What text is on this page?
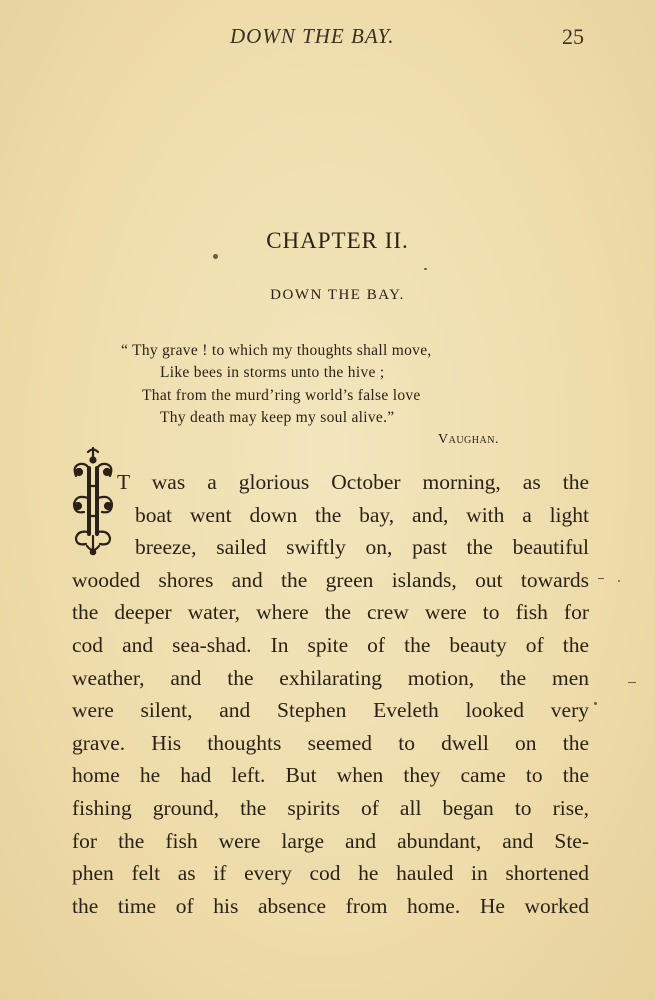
DOWN THE BAY.	25
CHAPTER II.
DOWN THE BAY.
“ Thy grave ! to which my thoughts shall move,
Like bees in storms unto the hive ;
That from the murd’ring world’s false love
Thy death may keep my soul alive.”
Vaughan.
T was a glorious October morning, as the
boat went down the bay, and, with a light
breeze, sailed swiftly on, past the beautiful
wooded shores and the green islands, out towards
the deeper water, where the crew were to fish for
cod and sea-shad. In spite of the beauty of the
weather, and the exhilarating motion, the men
were silent, and Stephen Eveleth looked very
grave. His thoughts seemed to dwell on the
home he had left. But when they came to the
fishing ground, the spirits of all began to rise,
for the fish were large and abundant, and Ste-
phen felt as if every cod he hauled in shortened
the time of his absence from home. He worked
